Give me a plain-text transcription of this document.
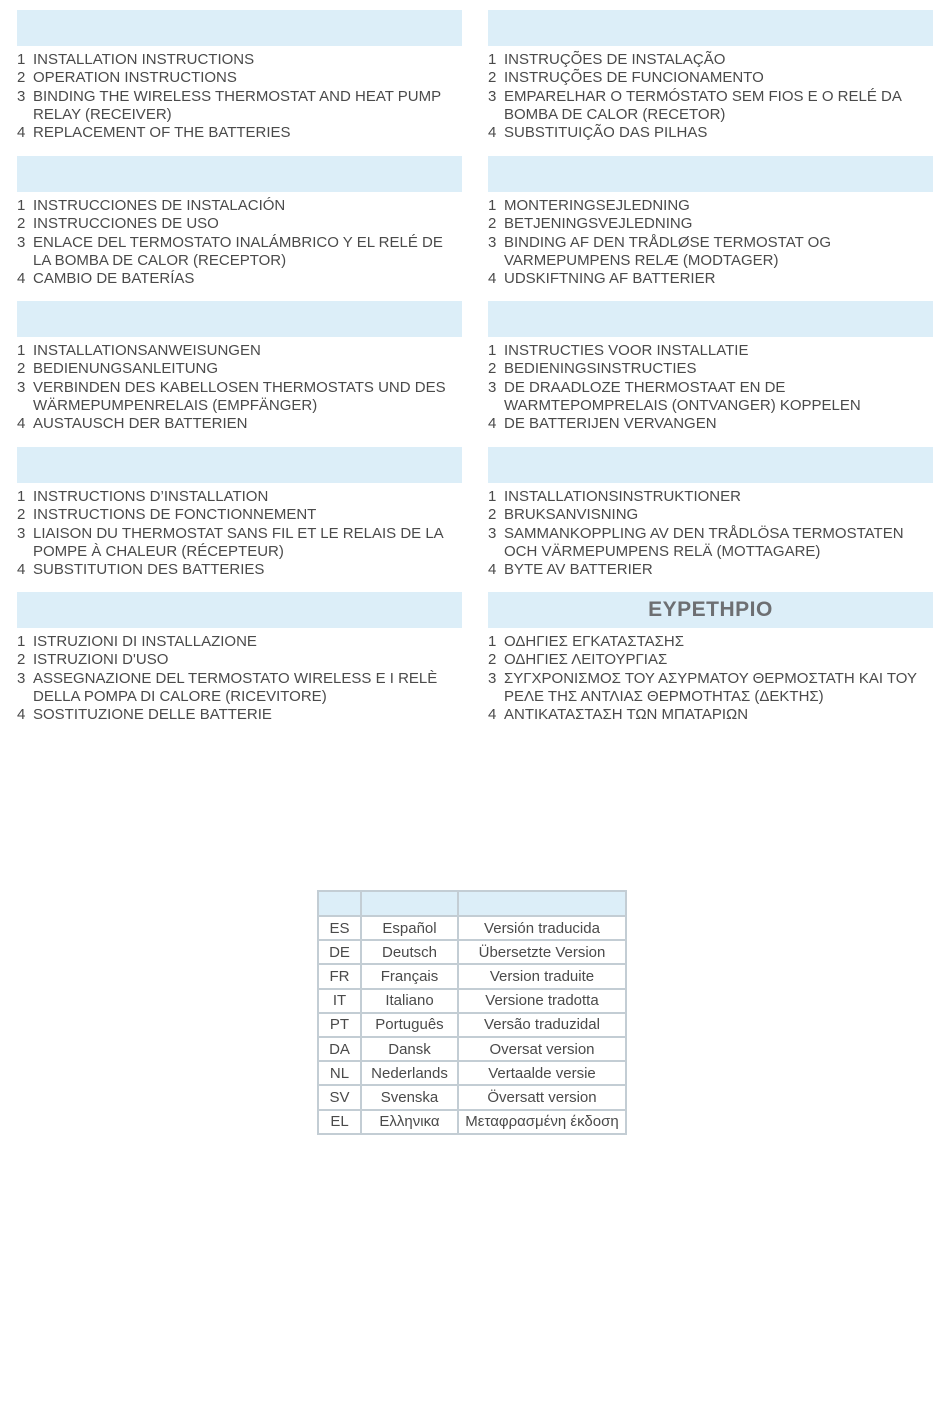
1 INSTALLATION INSTRUCTIONS
2 OPERATION INSTRUCTIONS
3 BINDING THE WIRELESS THERMOSTAT AND HEAT PUMP RELAY (RECEIVER)
4 REPLACEMENT OF THE BATTERIES
1 INSTRUÇÕES DE INSTALAÇÃO
2 INSTRUÇÕES DE FUNCIONAMENTO
3 EMPARELHAR O TERMÓSTATO SEM FIOS E O RELÉ DA BOMBA DE CALOR (RECETOR)
4 SUBSTITUIÇÃO DAS PILHAS
1 INSTRUCCIONES DE INSTALACIÓN
2 INSTRUCCIONES DE USO
3 ENLACE DEL TERMOSTATO INALÁMBRICO Y EL RELÉ DE LA BOMBA DE CALOR (RECEPTOR)
4 CAMBIO DE BATERÍAS
1 MONTERINGSEJLEDNING
2 BETJENINGSVEJLEDNING
3 BINDING AF DEN TRÅDLØSE TERMOSTAT OG VARMEPUMPENS RELÆ (MODTAGER)
4 UDSKIFTNING AF BATTERIER
1 INSTALLATIONSANWEISUNGEN
2 BEDIENUNGSANLEITUNG
3 VERBINDEN DES KABELLOSEN THERMOSTATS UND DES WÄRMEPUMPENRELAIS (EMPFÄNGER)
4 AUSTAUSCH DER BATTERIEN
1 INSTRUCTIES VOOR INSTALLATIE
2 BEDIENINGSINSTRUCTIES
3 DE DRAADLOZE THERMOSTAAT EN DE WARMTEPOMPRELAIS (ONTVANGER) KOPPELEN
4 DE BATTERIJEN VERVANGEN
1 INSTRUCTIONS D’INSTALLATION
2 INSTRUCTIONS DE FONCTIONNEMENT
3 LIAISON DU THERMOSTAT SANS FIL ET LE RELAIS DE LA POMPE À CHALEUR (RÉCEPTEUR)
4 SUBSTITUTION DES BATTERIES
1 INSTALLATIONSINSTRUKTIONER
2 BRUKSANVISNING
3 SAMMANKOPPLING AV DEN TRÅDLÖSA TERMOSTATEN OCH VÄRMEPUMPENS RELÄ (MOTTAGARE)
4 BYTE AV BATTERIER
1 ISTRUZIONI DI INSTALLAZIONE
2 ISTRUZIONI D'USO
3 ASSEGNAZIONE DEL TERMOSTATO WIRELESS E I RELÈ DELLA POMPA DI CALORE (RICEVITORE)
4 SOSTITUZIONE DELLE BATTERIE
ΕΥΡΕΤΗΡΙΟ
1 ΟΔΗΓΙΕΣ ΕΓΚΑΤΑΣΤΑΣΗΣ
2 ΟΔΗΓΙΕΣ ΛΕΙΤΟΥΡΓΙΑΣ
3 ΣΥΓΧΡΟΝΙΣΜΟΣ ΤΟΥ ΑΣΥΡΜΑΤΟΥ ΘΕΡΜΟΣΤΑΤΗ ΚΑΙ ΤΟΥ ΡΕΛΕ ΤΗΣ ΑΝΤΛΙΑΣ ΘΕΡΜΟΤΗΤΑΣ (ΔΕΚΤΗΣ)
4 ΑΝΤΙΚΑΤΑΣΤΑΣΗ ΤΩΝ ΜΠΑΤΑΡΙΩΝ

ES	Español	Versión traducida
DE	Deutsch	Übersetzte Version
FR	Français	Version traduite
IT	Italiano	Versione tradotta
PT	Português	Versão traduzidal
DA	Dansk	Oversat version
NL	Nederlands	Vertaalde versie
SV	Svenska	Översatt version
EL	Ελληνικα	Μεταφρασμένη έκδοση
